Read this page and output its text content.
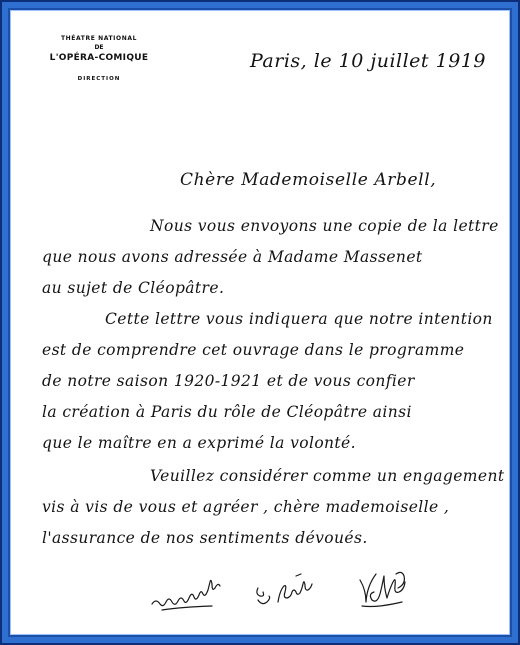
THÉATRE NATIONAL
DE
L'OPÉRA-COMIQUE
DIRECTION
Paris, le 10 juillet 1919
Chère Mademoiselle Arbell,
Nous vous envoyons une copie de la lettre
que nous avons adressée à Madame Massenet
au sujet de Cléopâtre.
Cette lettre vous indiquera que notre intention
est de comprendre cet ouvrage dans le programme
de notre saison 1920-1921 et de vous confier
la création à Paris du rôle de Cléopâtre ainsi
que le maître en a exprimé la volonté.
Veuillez considérer comme un engagement
vis à vis de vous et agréer , chère mademoiselle ,
l'assurance de nos sentiments dévoués.
